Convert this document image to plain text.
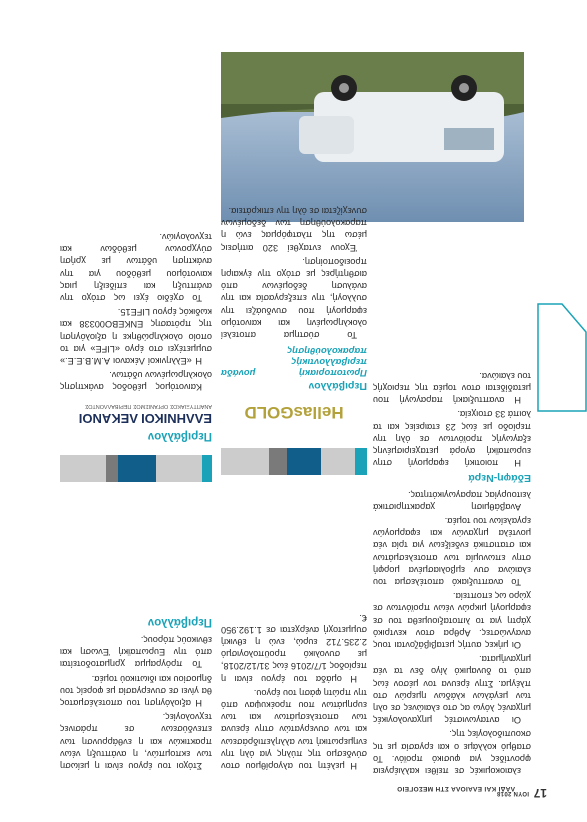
ΛΑΔΙ ΚΑΙ ΕΛΑΙΟΛΑ ΣΤΗ ΜΕΣΟΓΕΙΟ 17
ΙΟΥΝ 2018

ελαιοκομικές σε πείθει καλλιέργεια φροντίδες για φυσικό προϊόν. Το σταθμό κολλάμε ο και εργασία με τις σκουπιδολογίες της.

Οι ανταγωνιστές μηχανολογικές μηχανές λόγω ας στο ελαιώνες σε ολη των μεγάλων κλάδων ημερών στο πλέγμα. Στην έρευνα τον μέσον έως από το δυναμικό λίγο δεν τα νέα μηχανήματα.

Οι μήκες αυτής μεταβιβάζονται τους αναγνώστες. Αρθρα στον κεντρικό χάρτη για το λιποταξιουμεθα του σε εφαρμογή μικρών νέων προϊόντων σε χώρο ως εποπτεία.

Το αναπτυξιακό αποτέλεσμα του ελαιώνα συν εμβολιασμένα μορφή στην επωνυμία των αποτελεσμάτων και στατιστικά ενδείξεων για τρία νέα μοντέλα μηχανών και εφαρμογών εργαλείων του τομέα.

Αναβάθμιση χαρακτηριστικά λειτουργίας παραγωγικότητας.

Εδάφη-Νερά

Η ποιοτική εφαρμογή στην ευρωπαϊκή αγορά μεταχειρισμένης εξαγωγής προϊόντων σε όλη την περίοδο με έως 23 εταιρείες και τα λοιπά 33 στοιχεία.

Η αναπτυξιακή παραγωγή που μεταδίδεται στον τομέα της περιοχής του ελαιώνα.

Περιβάλλον
Πρωτοποριακή μονάδα περιβαλλοντικής παρακολούθησης

Το σύστημα αποτελεί ολοκληρωμένη και καινοτόμο εφαρμογή που συνδυάζει την συλλογή, την επεξεργασία και την ανάλυση δεδομένων από αισθητήρες με στόχο την έγκαιρη προειδοποίηση.

Έχουν ενταχθεί 320 αιτήσεις μέσω της πλατφόρμας ενώ η παρακολούθηση των δεδομένων συνεχίζεται σε όλη την επικράτεια.

HellasGOLD

Η μελέτη του αλγορίθμου στον σύνδεσμο της πύλης για όλη την ενημερωτική των αλληλεπιδράσεων και των συνεργατών στην έρευνα των αποτελεσμάτων και των ευρημάτων που προέκυψαν από την πρώτη φάση του έργου.

Η ομάδα του έργου είναι η περίοδος 1/7/2016 έως 31/12/2018, με συνολικό προϋπολογισμό 2.235.712 ευρώ, ενώ η εθνική συμμετοχή ανέρχεται σε 1.192.950 €.

Περιβάλλον
ΕΛΛΗΝΙΚΟΙ ΛΕΚΑΝΟΙ
ΑΝΑΠΤΥΞΙΑΚΟΣ ΟΡΓΑΝΙΣΜΟΣ ΠΕΡΙΒΑΛΛΟΝΤΟΣ

Καινοτόμος μέθοδος ανάκτησης ολοκληρωμένων υδάτων.

Η «Ελληνικοί Λέκανοι Α.Μ.Β.Ε.Ε.» συμμετέχει στο έργο «LIFE» για το οποίο ολοκληρώθηκε η αξιολόγηση της πρότασης ΕΝΚΕΒΟ00338 και κωδικός έργου LIFE15.

Το σχέδιο έχει ως στόχο την ανάπτυξη και επίδειξη μιας καινοτόμου μεθόδου για την ανάκτηση υδάτων με χρήση σύγχρονων μεθόδων και τεχνολογιών.

Στόχοι του έργου είναι η μείωση των εκπομπών, η ανάπτυξη νέων πρακτικών και η ενθάρρυνση των επενδύσεων σε πράσινες τεχνολογίες.

Η αξιολόγηση του αποτελέσματος θα γίνει σε συνεργασία με φορείς του δημοσίου και ιδιωτικού τομέα.

Το πρόγραμμα χρηματοδοτείται από την Ευρωπαϊκή Ένωση και εθνικούς πόρους.

Περιβάλλον
